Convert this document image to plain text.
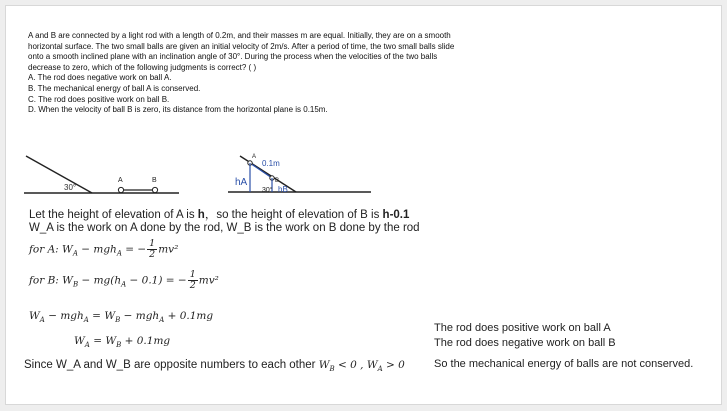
A and B are connected by a light rod with a length of 0.2m, and their masses m are equal. Initially, they are on a smooth horizontal surface. The two small balls are given an initial velocity of 2m/s. After a period of time, the two small balls slide onto a smooth inclined plane with an inclination angle of 30°. During the process when the velocities of the two balls decrease to zero, which of the following judgments is correct? ( )

A. The rod does negative work on ball A.
B. The mechanical energy of ball A is conserved.
C. The rod does positive work on ball B.
D. When the velocity of ball B is zero, its distance from the horizontal plane is 0.15m.
30°
A	B
A
0.1m
hA	B
hB
30°
Let the height of elevation of A is h，so the height of elevation of B is h-0.1
W_A is the work on A done by the rod, W_B is the work on B done by the rod
for A: $W_A - mgh_A$ = − $\frac{1}{2} mv^2$
for B: $W_B - mg(h_A - 0.1)$ = − $\frac{1}{2} mv^2$
$W_A - mgh_A = W_B - mgh_A + 0.1mg$
$W_A = W_B + 0.1mg$
Since W_A and W_B are opposite numbers to each other $W_B < 0$ , $W_A > 0$
The rod does positive work on ball A
The rod does negative work on ball B
So the mechanical energy of balls are not conserved.
